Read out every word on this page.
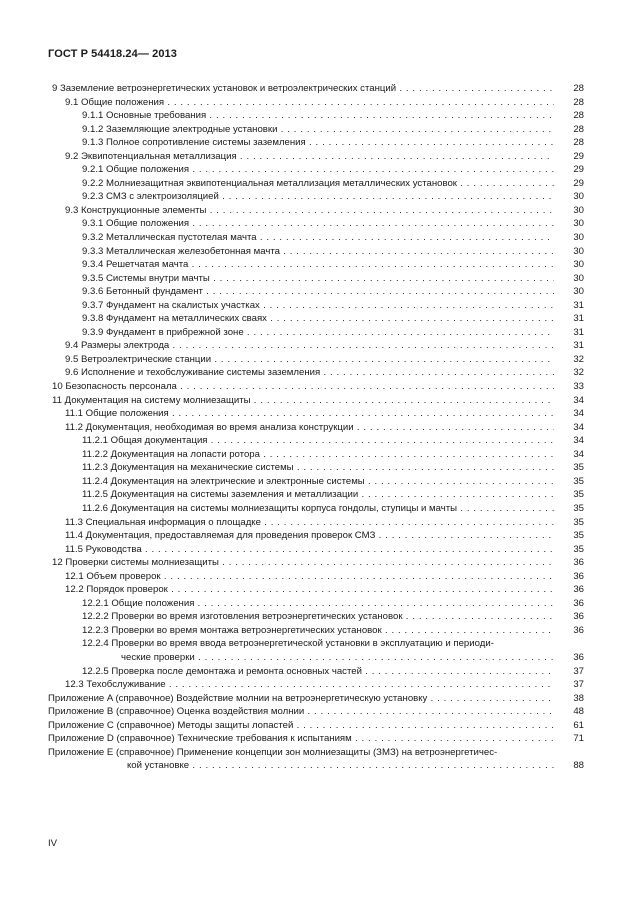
ГОСТ Р 54418.24— 2013
9 Заземление ветроэнергетических установок и ветроэлектрических станций . . .	28
9.1 Общие положения . . .	28
9.1.1 Основные требования . . .	28
9.1.2 Заземляющие электродные установки . . .	28
9.1.3 Полное сопротивление системы заземления . . .	28
9.2 Эквипотенциальная металлизация . . .	29
9.2.1 Общие положения . . .	29
9.2.2 Молниезащитная эквипотенциальная металлизация металлических установок . . .	29
9.2.3 СМЗ с электроизоляцией . . .	30
9.3 Конструкционные элементы . . .	30
9.3.1 Общие положения . . .	30
9.3.2 Металлическая пустотелая мачта . . .	30
9.3.3 Металлическая железобетонная мачта . . .	30
9.3.4 Решетчатая мачта . . .	30
9.3.5 Системы внутри мачты . . .	30
9.3.6 Бетонный фундамент . . .	30
9.3.7 Фундамент на скалистых участках . . .	31
9.3.8 Фундамент на металлических сваях . . .	31
9.3.9 Фундамент в прибрежной зоне . . .	31
9.4 Размеры электрода . . .	31
9.5 Ветроэлектрические станции . . .	32
9.6 Исполнение и техобслуживание системы заземления . . .	32
10 Безопасность персонала . . .	33
11 Документация на систему молниезащиты . . .	34
11.1 Общие положения . . .	34
11.2 Документация, необходимая во время анализа конструкции . . .	34
11.2.1 Общая документация . . .	34
11.2.2 Документация на лопасти ротора . . .	34
11.2.3 Документация на механические системы . . .	35
11.2.4 Документация на электрические и электронные системы . . .	35
11.2.5 Документация на системы заземления и металлизации . . .	35
11.2.6 Документация на системы молниезащиты корпуса гондолы, ступицы и мачты . . .	35
11.3 Специальная информация о площадке . . .	35
11.4 Документация, предоставляемая для проведения проверок СМЗ . . .	35
11.5 Руководства . . .	35
12 Проверки системы молниезащиты . . .	36
12.1 Объем проверок . . .	36
12.2 Порядок проверок . . .	36
12.2.1 Общие положения . . .	36
12.2.2 Проверки во время изготовления ветроэнергетических установок . . .	36
12.2.3 Проверки во время монтажа ветроэнергетических установок . . .	36
12.2.4 Проверки во время ввода ветроэнергетической установки в эксплуатацию и периоди-
ческие проверки . . .	36
12.2.5 Проверка после демонтажа и ремонта основных частей . . .	37
12.3 Техобслуживание . . .	37
Приложение A (справочное) Воздействие молнии на ветроэнергетическую установку . . .	38
Приложение B (справочное) Оценка воздействия молнии . . .	48
Приложение C (справочное) Методы защиты лопастей . . .	61
Приложение D (справочное) Технические требования к испытаниям . . .	71
Приложение E (справочное) Применение концепции зон молниезащиты (ЗМЗ) на ветроэнергетичес-
кой установке . . .	88
IV
